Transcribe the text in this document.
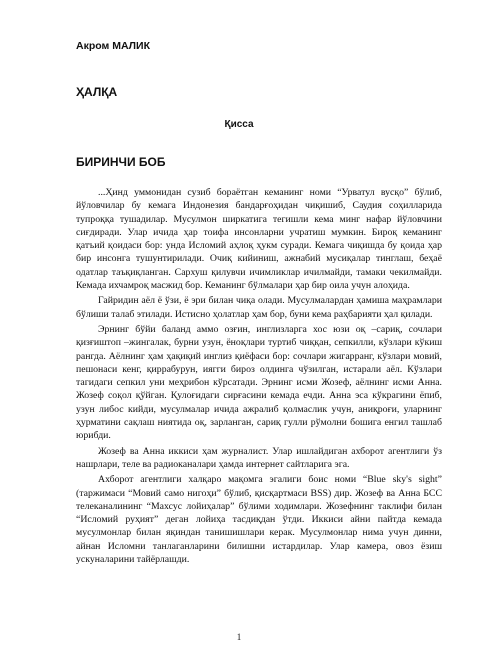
Акром МАЛИК
ҲАЛҚА
Қисса
БИРИНЧИ БОБ

...Ҳинд уммонидан сузиб бораётган кеманинг номи “Урватул вусқо” бўлиб, йўловчилар бу кемага Индонезия бандарғоҳидан чиқишиб, Саудия соҳилларида тупроққа тушадилар. Мусулмон ширкатига тегишли кема минг нафар йўловчини сиғдиради. Улар ичида ҳар тоифа инсонларни учратиш мумкин. Бироқ кеманинг қатъий қоидаси бор: унда Исломий аҳлоқ ҳукм суради. Кемага чиқишда бу қоида ҳар бир инсонга тушунтирилади. Очиқ кийиниш, ажнабий мусиқалар тинглаш, беҳаё одатлар таъқиқланган. Сархуш қилувчи ичимликлар ичилмайди, тамаки чекилмайди. Кемада ихчамроқ масжид бор. Кеманинг бўлмалари ҳар бир оила учун алоҳида.

Гайридин аёл ё ўзи, ё эри билан чиқа олади. Мусулмалардан ҳамиша маҳрамлари бўлиши талаб этилади. Истисно ҳолатлар ҳам бор, буни кема раҳбарияти ҳал қилади.

Эрнинг бўйи баланд аммо озғин, инглизларга хос юзи оқ –сариқ, сочлари қизғиштоп –жингалак, бурни узун, ёноқлари туртиб чиққан, сепкилли, кўзлари кўкиш рангда. Аёлнинг ҳам ҳақиқий инглиз қиёфаси бор: сочлари жигарранг, кўзлари мовий, пешонаси кенг, қиррабурун, иягги бироз олдинга чўзилган, истарали аёл. Кўзлари тагидаги сепкил уни меҳрибон кўрсатади. Эрнинг исми Жозеф, аёлнинг исми Анна. Жозеф соқол қўйган. Қулоғидаги сирғасини кемада ечди. Анна эса кўкрагини ёпиб, узун либос кийди, мусулмалар ичида ажралиб қолмаслик учун, аниқроғи, уларнинг ҳурматини сақлаш ниятида оқ, зарланган, сариқ гулли рўмолни бошига енгил ташлаб юрибди.

Жозеф ва Анна иккиси ҳам журналист. Улар ишлайдиган ахборот агентлиги ўз нашрлари, теле ва радиоканалари ҳамда интернет сайтларига эга.

Ахборот агентлиги халқаро мақомга эгалиги боис номи “Blue sky's sight” (таржимаси “Мовий само нигоҳи” бўлиб, қисқартмаси BSS) дир. Жозеф ва Анна БСС телеканалининг “Махсус лойиҳалар” бўлими ходимлари. Жозефнинг таклифи билан “Исломий руҳият” деган лойиҳа тасдиқдан ўтди. Иккиси айни пайтда кемада мусулмонлар билан яқиндан танишишлари керак. Мусулмонлар нима учун динни, айнан Исломни танлаганларини билишни истардилар. Улар камера, овоз ёзиш ускуналарини тайёрлашди.

1
